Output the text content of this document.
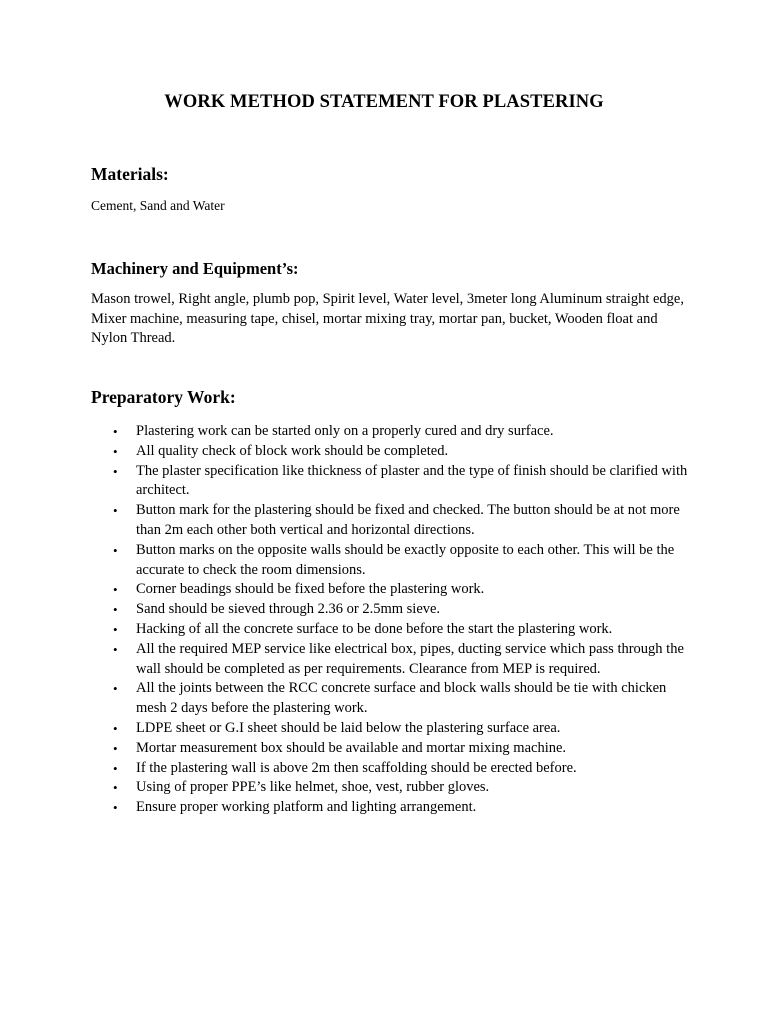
WORK METHOD STATEMENT FOR PLASTERING
Materials:
Cement, Sand and Water
Machinery and Equipment’s:
Mason trowel, Right angle, plumb pop, Spirit level, Water level, 3meter long Aluminum straight edge, Mixer machine, measuring tape, chisel, mortar mixing tray, mortar pan, bucket, Wooden float and Nylon Thread.
Preparatory Work:
• Plastering work can be started only on a properly cured and dry surface.
• All quality check of block work should be completed.
• The plaster specification like thickness of plaster and the type of finish should be clarified with architect.
• Button mark for the plastering should be fixed and checked. The button should be at not more than 2m each other both vertical and horizontal directions.
• Button marks on the opposite walls should be exactly opposite to each other. This will be the accurate to check the room dimensions.
• Corner beadings should be fixed before the plastering work.
• Sand should be sieved through 2.36 or 2.5mm sieve.
• Hacking of all the concrete surface to be done before the start the plastering work.
• All the required MEP service like electrical box, pipes, ducting service which pass through the wall should be completed as per requirements. Clearance from MEP is required.
• All the joints between the RCC concrete surface and block walls should be tie with chicken mesh 2 days before the plastering work.
• LDPE sheet or G.I sheet should be laid below the plastering surface area.
• Mortar measurement box should be available and mortar mixing machine.
• If the plastering wall is above 2m then scaffolding should be erected before.
• Using of proper PPE’s like helmet, shoe, vest, rubber gloves.
• Ensure proper working platform and lighting arrangement.
